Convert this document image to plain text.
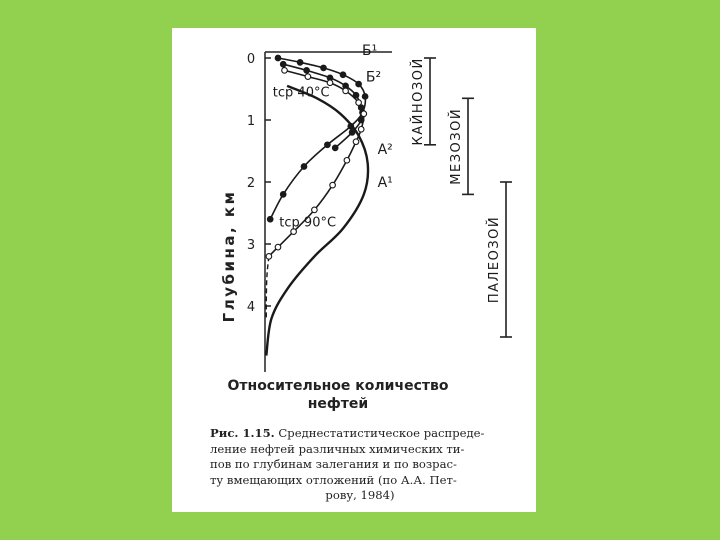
Глубина, км
0
1
2
3
4
Б¹
Б²
А²
А¹
tср 40°C
tср 90°C
КАЙНОЗОЙ
МЕЗОЗОЙ
ПАЛЕОЗОЙ
Относительное количество
нефтей
Рис. 1.15. Среднестатистическое распреде-
ление нефтей различных химических ти-
пов по глубинам залегания и по возрас-
ту вмещающих отложений (по А.А. Пет-
рову, 1984)
